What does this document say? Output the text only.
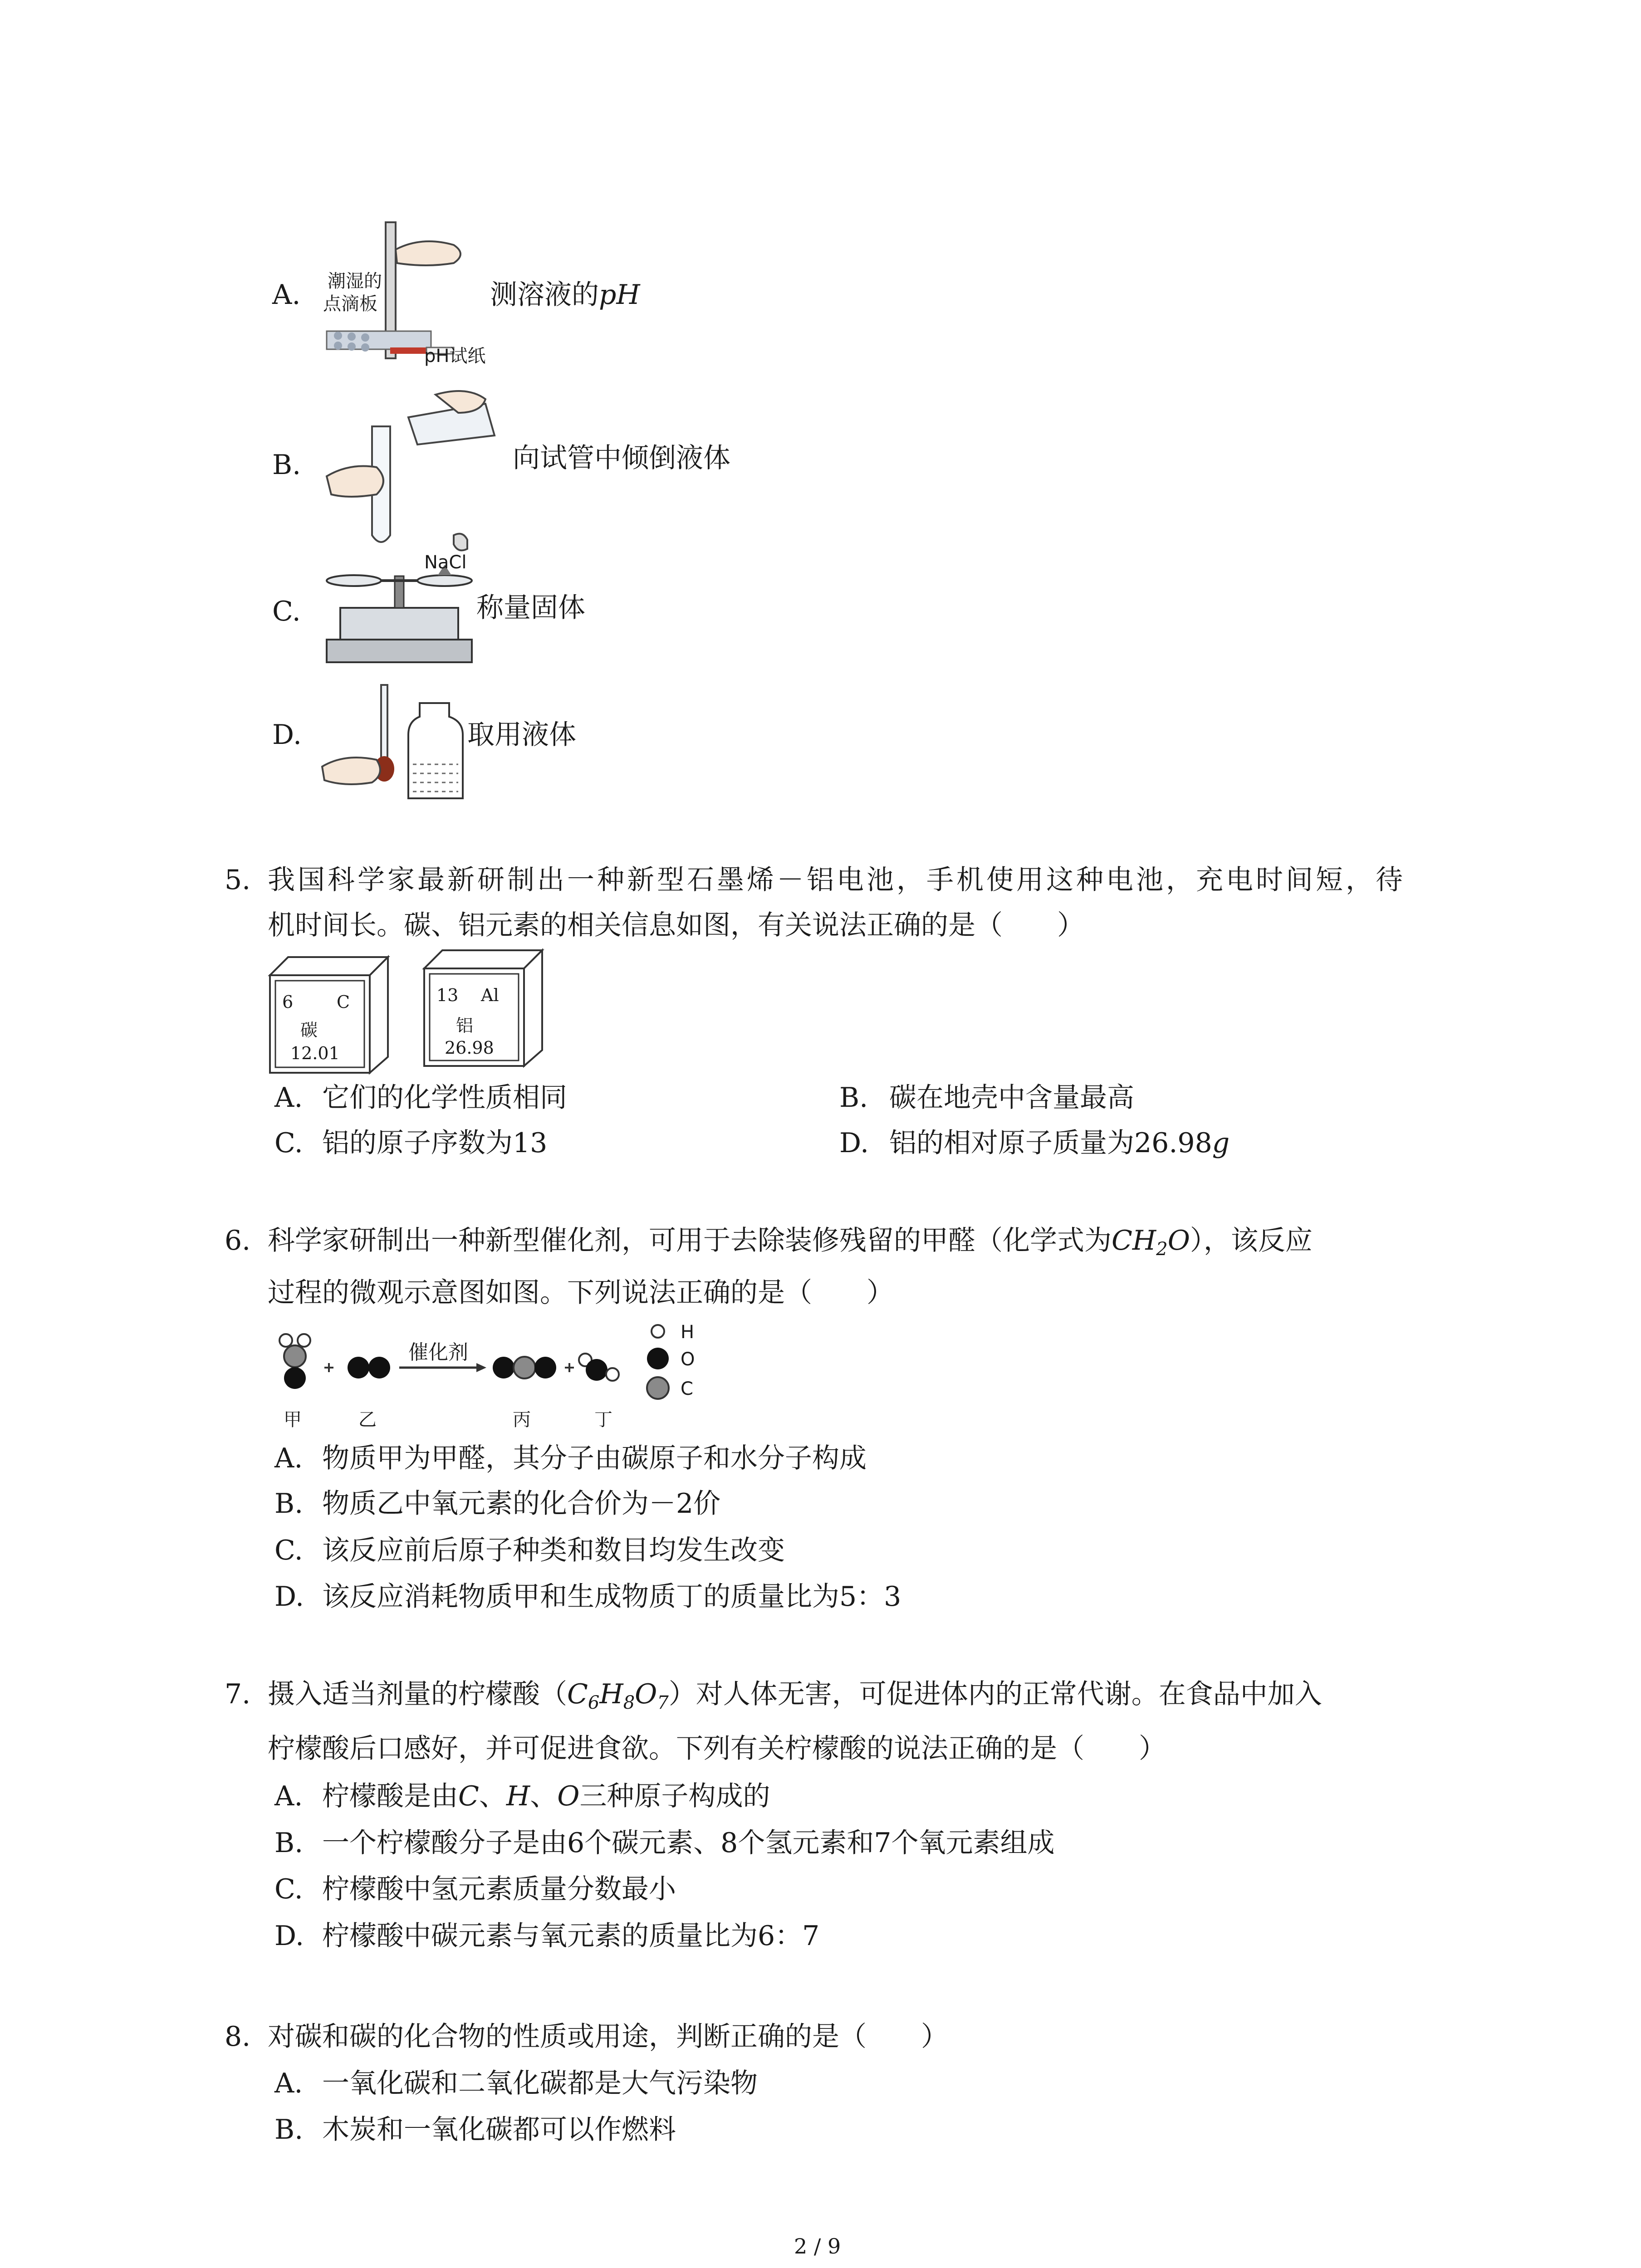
A. 潮湿的
点滴板
pH试纸
测溶液的pH
B.	向试管中倾倒液体
C.
NaCl
称量固体
D.	取用液体
5. 我国科学家最新研制出一种新型石墨烯－铝电池，手机使用这种电池，充电时间短，待
机时间长。碳、铝元素的相关信息如图，有关说法正确的是（　　）
6	C
碳
12.01
13 Al
铝
26.98
A. 它们的化学性质相同	B. 碳在地壳中含量最高
C. 铝的原子序数为13	D. 铝的相对原子质量为26.98g
6. 科学家研制出一种新型催化剂，可用于去除装修残留的甲醛（化学式为$CH_2O$），该反应
过程的微观示意图如图。下列说法正确的是（　　）
催化剂
H
O
C
甲	乙	丙	丁
A. 物质甲为甲醛，其分子由碳原子和水分子构成
B. 物质乙中氧元素的化合价为－2价
C. 该反应前后原子种类和数目均发生改变
D. 该反应消耗物质甲和生成物质丁的质量比为5：3
7. 摄入适当剂量的柠檬酸$(C_6H_8O_7)$对人体无害，可促进体内的正常代谢。在食品中加入
柠檬酸后口感好，并可促进食欲。下列有关柠檬酸的说法正确的是（　　）
A. 柠檬酸是由C、H、O三种原子构成的
B. 一个柠檬酸分子是由6个碳元素、8个氢元素和7个氧元素组成
C. 柠檬酸中氢元素质量分数最小
D. 柠檬酸中碳元素与氧元素的质量比为6：7
8. 对碳和碳的化合物的性质或用途，判断正确的是（　　）
A. 一氧化碳和二氧化碳都是大气污染物
B. 木炭和一氧化碳都可以作燃料
2 / 9
